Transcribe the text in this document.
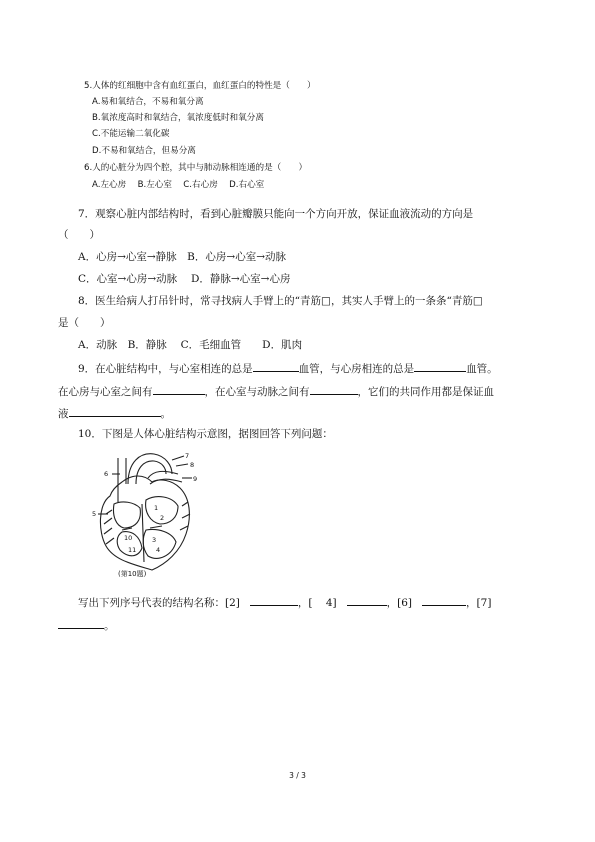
5.人体的红细胞中含有血红蛋白，血红蛋白的特性是（　　）
A.易和氧结合，不易和氧分离
B.氧浓度高时和氧结合，氧浓度低时和氧分离
C.不能运输二氧化碳
D.不易和氧结合，但易分离
6.人的心脏分为四个腔，其中与肺动脉相连通的是（　　）
A.左心房　 B.左心室　 C.右心房　 D.右心室
7．观察心脏内部结构时，看到心脏瓣膜只能向一个方向开放，保证血液流动的方向是
（　　）
A．心房→心室→静脉　B．心房→心室→动脉
C．心室→心房→动脉　 D．静脉→心室→心房
8．医生给病人打吊针时，常寻找病人手臂上的“青筋□，其实人手臂上的一条条“青筋□
是（　　）
A．动脉　B．静脉　 C．毛细血管　　D．肌肉
9．在心脏结构中，与心室相连的总是	血管，与心房相连的总是	血管。
在心房与心室之间有	，在心室与动脉之间有	，它们的共同作用都是保证血
液	。
10．下图是人体心脏结构示意图，据图回答下列问题：
6
7
8
9
5
1
2
3
4
10
11
(第10题)
写出下列序号代表的结构名称：[2]	，[ 4]	，[6]	，[7]
。
3 / 3
